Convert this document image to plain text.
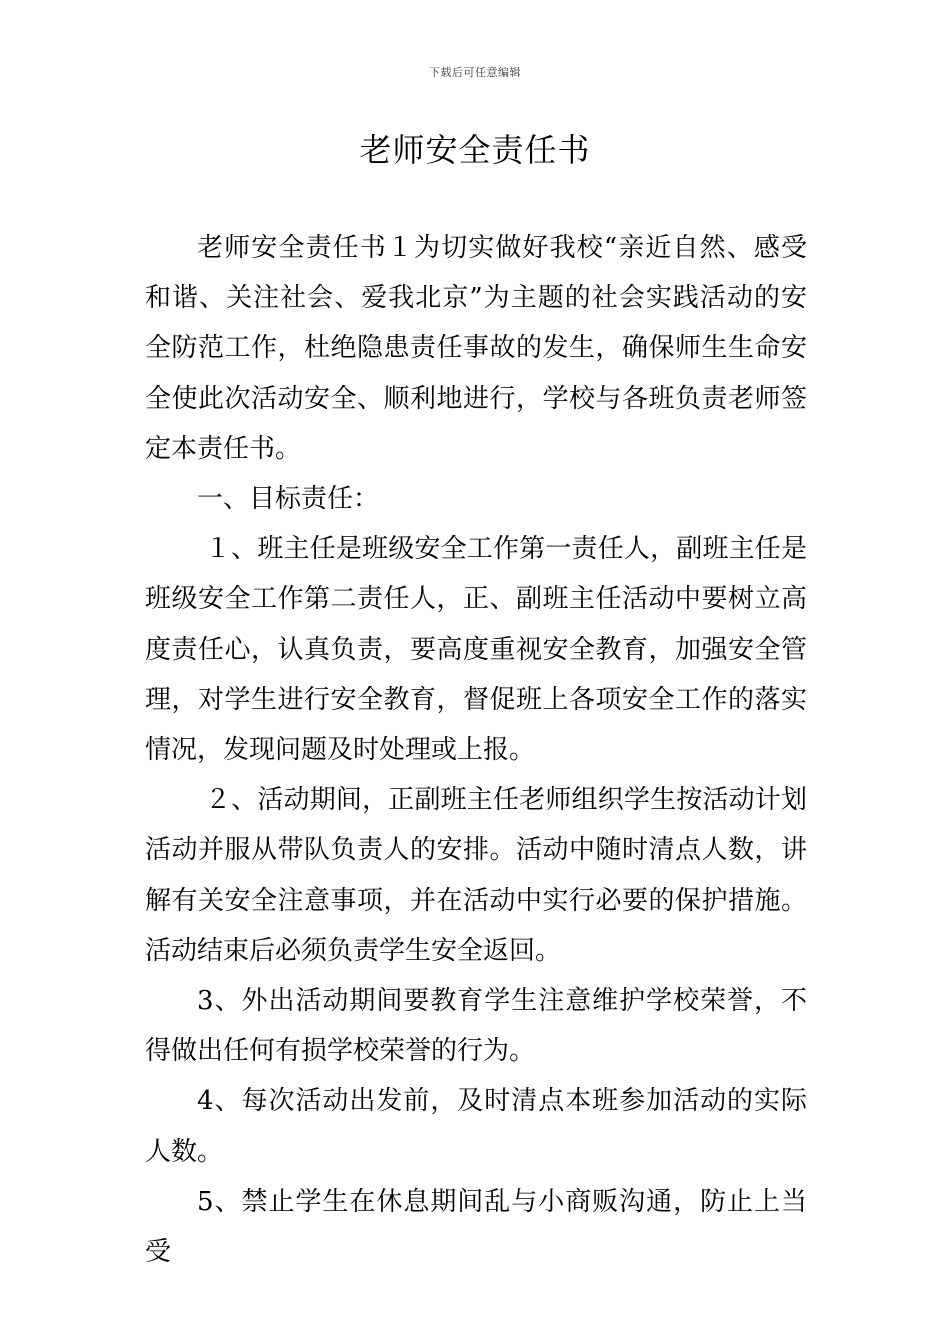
下载后可任意编辑
老师安全责任书

老师安全责任书１为切实做好我校“亲近自然、感受和谐、关注社会、爱我北京”为主题的社会实践活动的安全防范工作，杜绝隐患责任事故的发生，确保师生生命安全使此次活动安全、顺利地进行，学校与各班负责老师签定本责任书。

一、目标责任：

１、班主任是班级安全工作第一责任人，副班主任是班级安全工作第二责任人，正、副班主任活动中要树立高度责任心，认真负责，要高度重视安全教育，加强安全管理，对学生进行安全教育，督促班上各项安全工作的落实情况，发现问题及时处理或上报。

２、活动期间，正副班主任老师组织学生按活动计划活动并服从带队负责人的安排。活动中随时清点人数，讲解有关安全注意事项，并在活动中实行必要的保护措施。活动结束后必须负责学生安全返回。

3、外出活动期间要教育学生注意维护学校荣誉，不得做出任何有损学校荣誉的行为。

4、每次活动出发前，及时清点本班参加活动的实际人数。

5、禁止学生在休息期间乱与小商贩沟通，防止上当受
